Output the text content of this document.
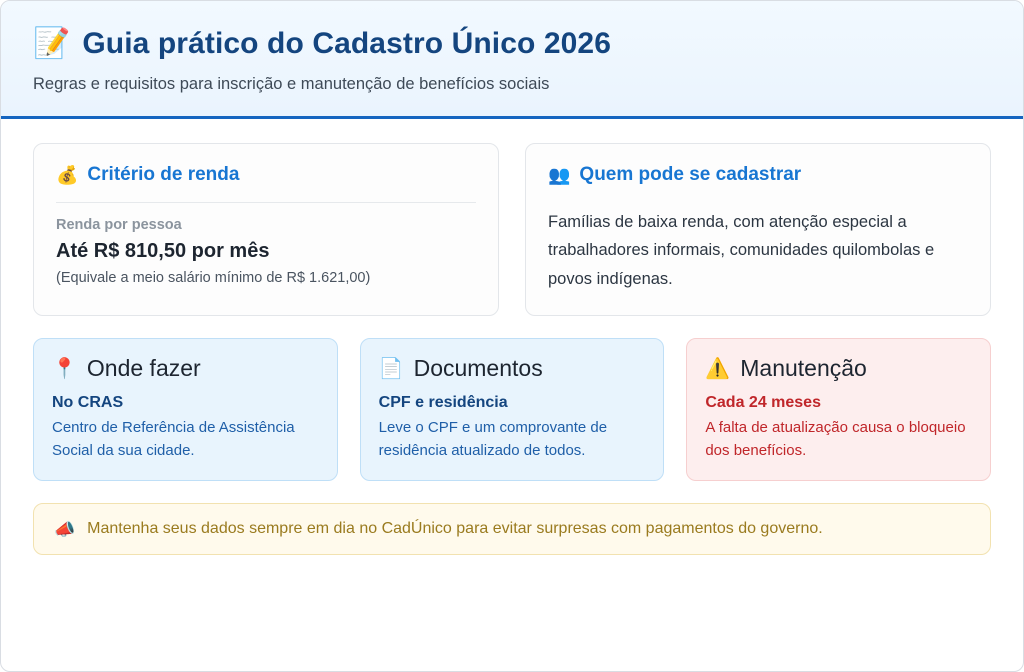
📝 Guia prático do Cadastro Único 2026
Regras e requisitos para inscrição e manutenção de benefícios sociais
💰 Critério de renda
Renda por pessoa
Até R$ 810,50 por mês
(Equivale a meio salário mínimo de R$ 1.621,00)
👥 Quem pode se cadastrar
Famílias de baixa renda, com atenção especial a trabalhadores informais, comunidades quilombolas e povos indígenas.
📍 Onde fazer
No CRAS
Centro de Referência de Assistência Social da sua cidade.
📄 Documentos
CPF e residência
Leve o CPF e um comprovante de residência atualizado de todos.
⚠️ Manutenção
Cada 24 meses
A falta de atualização causa o bloqueio dos benefícios.
📣 Mantenha seus dados sempre em dia no CadÚnico para evitar surpresas com pagamentos do governo.
